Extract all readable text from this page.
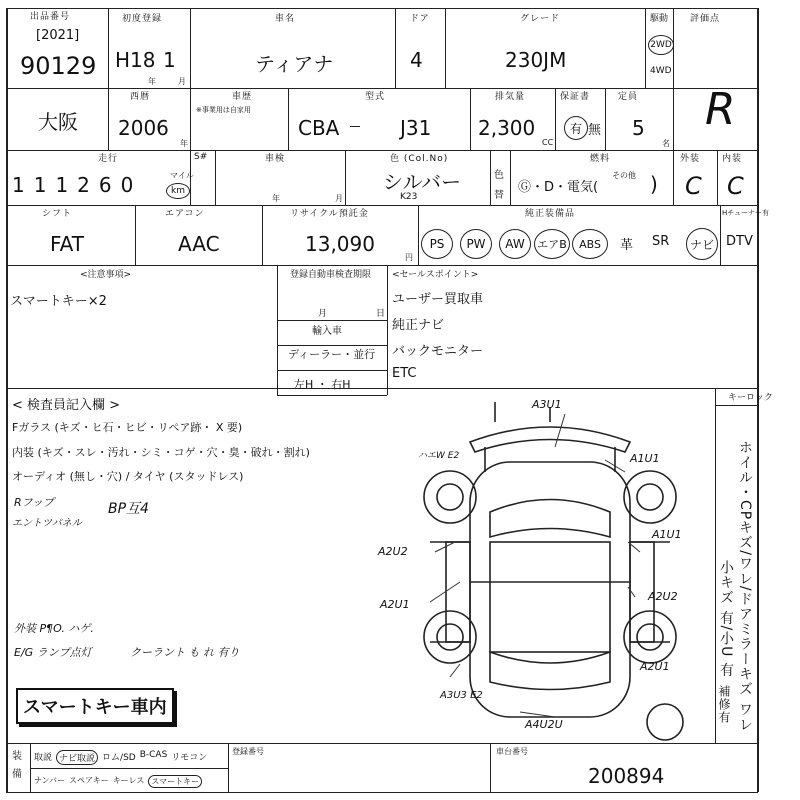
出品番号
[2021]
90129
初度登録
H18 1
年	月
車名
ティアナ
ドア
4
グレード
230JM
駆動
2WD
4WD
評価点
R
大阪
西暦
2006
年
車歴
※事業用は自家用
型式
CBA	J31
排気量
2,300
CC
保証書
有 無
定員
5
名
走行
111260	マイル
km
S#	車検
年	月
色 (Col.No)
シルバー
K23
色
替
燃料
Ⓖ・D・電気(
その他 )
外装
C
内装
C
シフト
FAT
エアコン
AAC
リサイクル預託金
13,090
円
純正装備品	Hチューナー有
PS	PW	AW	エアB	ABS	革 SR	ナビ DTV
<注意事項>
スマートキー×2
登録自動車検査期限
月	日
輸入車
ディーラー・並行
左H ・ 右H
<セールスポイント>
ユーザー買取車
純正ナビ
バックモニター
ETC
< 検査員記入欄 >
Fガラス (キズ・ヒ石・ヒビ・リペア跡・ X 要)
内装 (キズ・スレ・汚れ・シミ・コゲ・穴・臭・破れ・割れ)
オーディオ (無し・穴) / タイヤ (スタッドレス)
Rフップ
エントツパネル
BP互4
外装 P¶O. ハゲ.
E/G ランプ点灯	クーラント も れ 有り
スマートキー車内
キーロック
A3U1
ハエW E2	A1U1
A1U1
A2U2
A2U1
A2U2
A2U1
A3U3 E2
A4U2U	ホイル・CPキズ/ワレ/ドアミラーキズ ワレ
小キズ 有/小U 有
補修有
装 備
取説 ナビ取説 ロム/SD B-CAS リモコン
ナンバー スペアキー キーレス スマートキー
登録番号	車台番号
200894
